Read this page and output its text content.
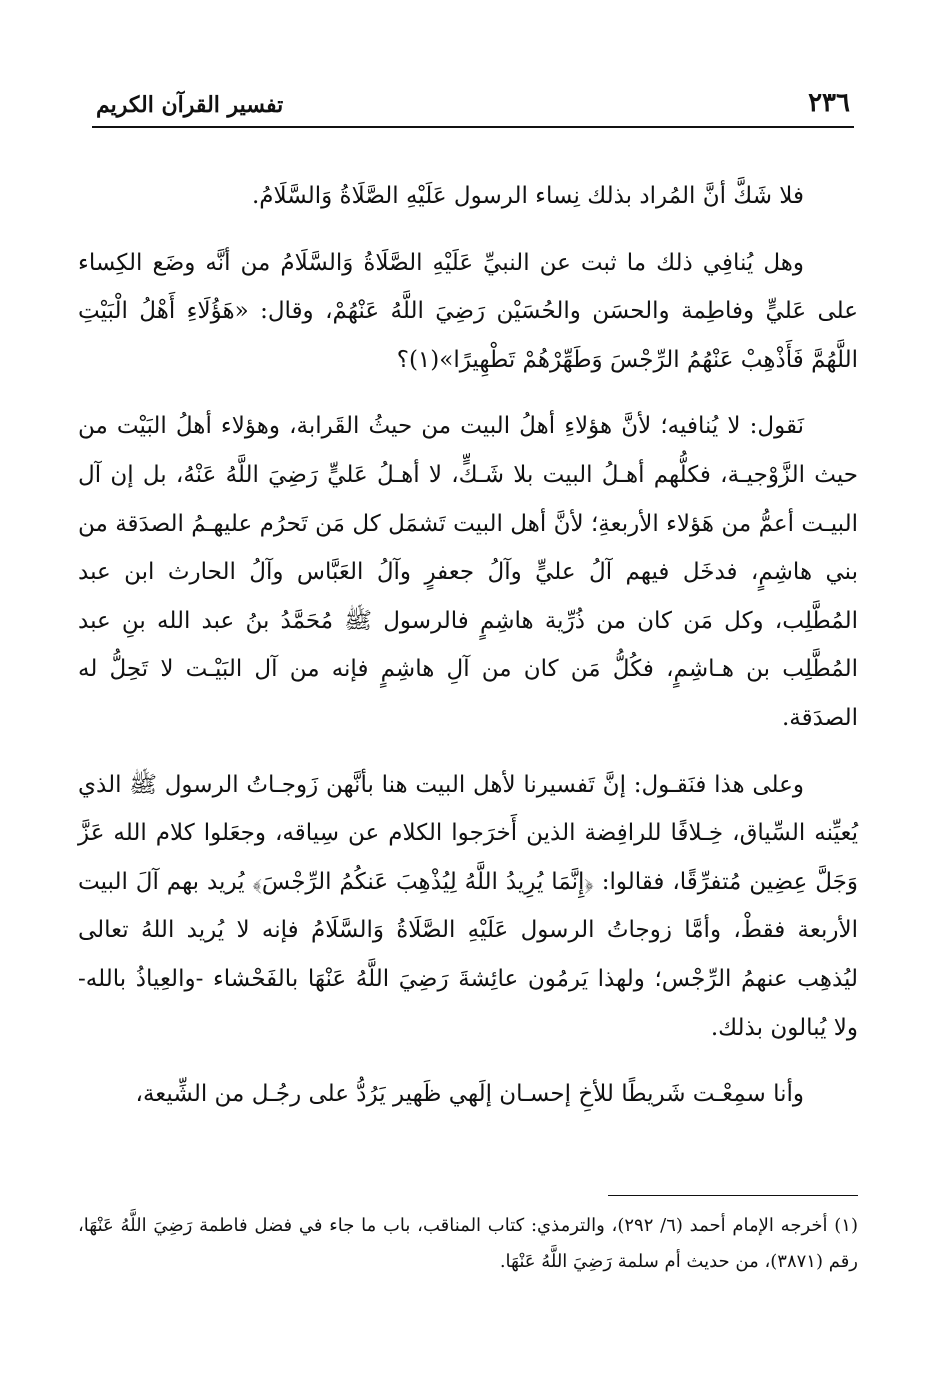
٢٣٦
تفسير القرآن الكريم

فلا شَكَّ أنَّ المُراد بذلك نِساء الرسول عَلَيْهِ الصَّلَاةُ وَالسَّلَامُ.

وهل يُنافِي ذلك ما ثبت عن النبيِّ عَلَيْهِ الصَّلَاةُ وَالسَّلَامُ من أنَّه وضَع الكِساء على عَليٍّ وفاطِمة والحسَن والحُسَيْن رَضِيَ اللَّهُ عَنْهُمْ، وقال: «هَؤُلَاءِ أَهْلُ الْبَيْتِ اللَّهُمَّ فَأَذْهِبْ عَنْهُمُ الرِّجْسَ وَطَهِّرْهُمْ تَطْهِيرًا»(١)؟

نَقول: لا يُنافيه؛ لأنَّ هؤلاءِ أهلُ البيت من حيثُ القَرابة، وهؤلاء أهلُ البَيْت من حيث الزَّوْجيـة، فكلُّهم أهـلُ البيت بلا شَـكٍّ، لا أهـلُ عَليٍّ رَضِيَ اللَّهُ عَنْهُ، بل إن آل البيـت أعمُّ من هَؤلاء الأربعةِ؛ لأنَّ أهل البيت تَشمَل كل مَن تَحرُم عليهـمُ الصدَقة من بني هاشِمٍ، فدخَل فيهم آلُ عليٍّ وآلُ جعفرٍ وآلُ العَبَّاس وآلُ الحارث ابن عبد المُطَّلِب، وكل مَن كان من ذُرِّية هاشِمٍ فالرسول ﷺ مُحَمَّدُ بنُ عبد الله بنِ عبد المُطَّلِب بن هـاشِمٍ، فكُلُّ مَن كان من آلِ هاشِمٍ فإنه من آل البَيْـت لا تَحِلُّ له الصدَقة.

وعلى هذا فنَقـول: إنَّ تَفسيرنا لأهل البيت هنا بأنَّهن زَوجـاتُ الرسول ﷺ الذي يُعيِّنه السِّياق، خِـلافًا للرافِضة الذين أَخرَجوا الكلام عن سِياقه، وجعَلوا كلام الله عَزَّ وَجَلَّ عِضِين مُتفرِّقًا، فقالوا: ﴿إِنَّمَا يُرِيدُ اللَّهُ لِيُذْهِبَ عَنكُمُ الرِّجْسَ﴾ يُريد بهم آلَ البيت الأربعة فقطْ، وأمَّا زوجاتُ الرسول عَلَيْهِ الصَّلَاةُ وَالسَّلَامُ فإنه لا يُريد اللهُ تعالى ليُذهِب عنهمُ الرِّجْس؛ ولهذا يَرمُون عائِشةَ رَضِيَ اللَّهُ عَنْهَا بالفَحْشاء -والعِياذُ بالله- ولا يُبالون بذلك.

وأنا سمِعْـت شَريطًا للأخِ إحسـان إلَهي ظَهير يَرُدُّ على رجُـل من الشِّيعة،

(١) أخرجه الإمام أحمد (٦/ ٢٩٢)، والترمذي: كتاب المناقب، باب ما جاء في فضل فاطمة رَضِيَ اللَّهُ عَنْهَا، رقم (٣٨٧١)، من حديث أم سلمة رَضِيَ اللَّهُ عَنْهَا.
